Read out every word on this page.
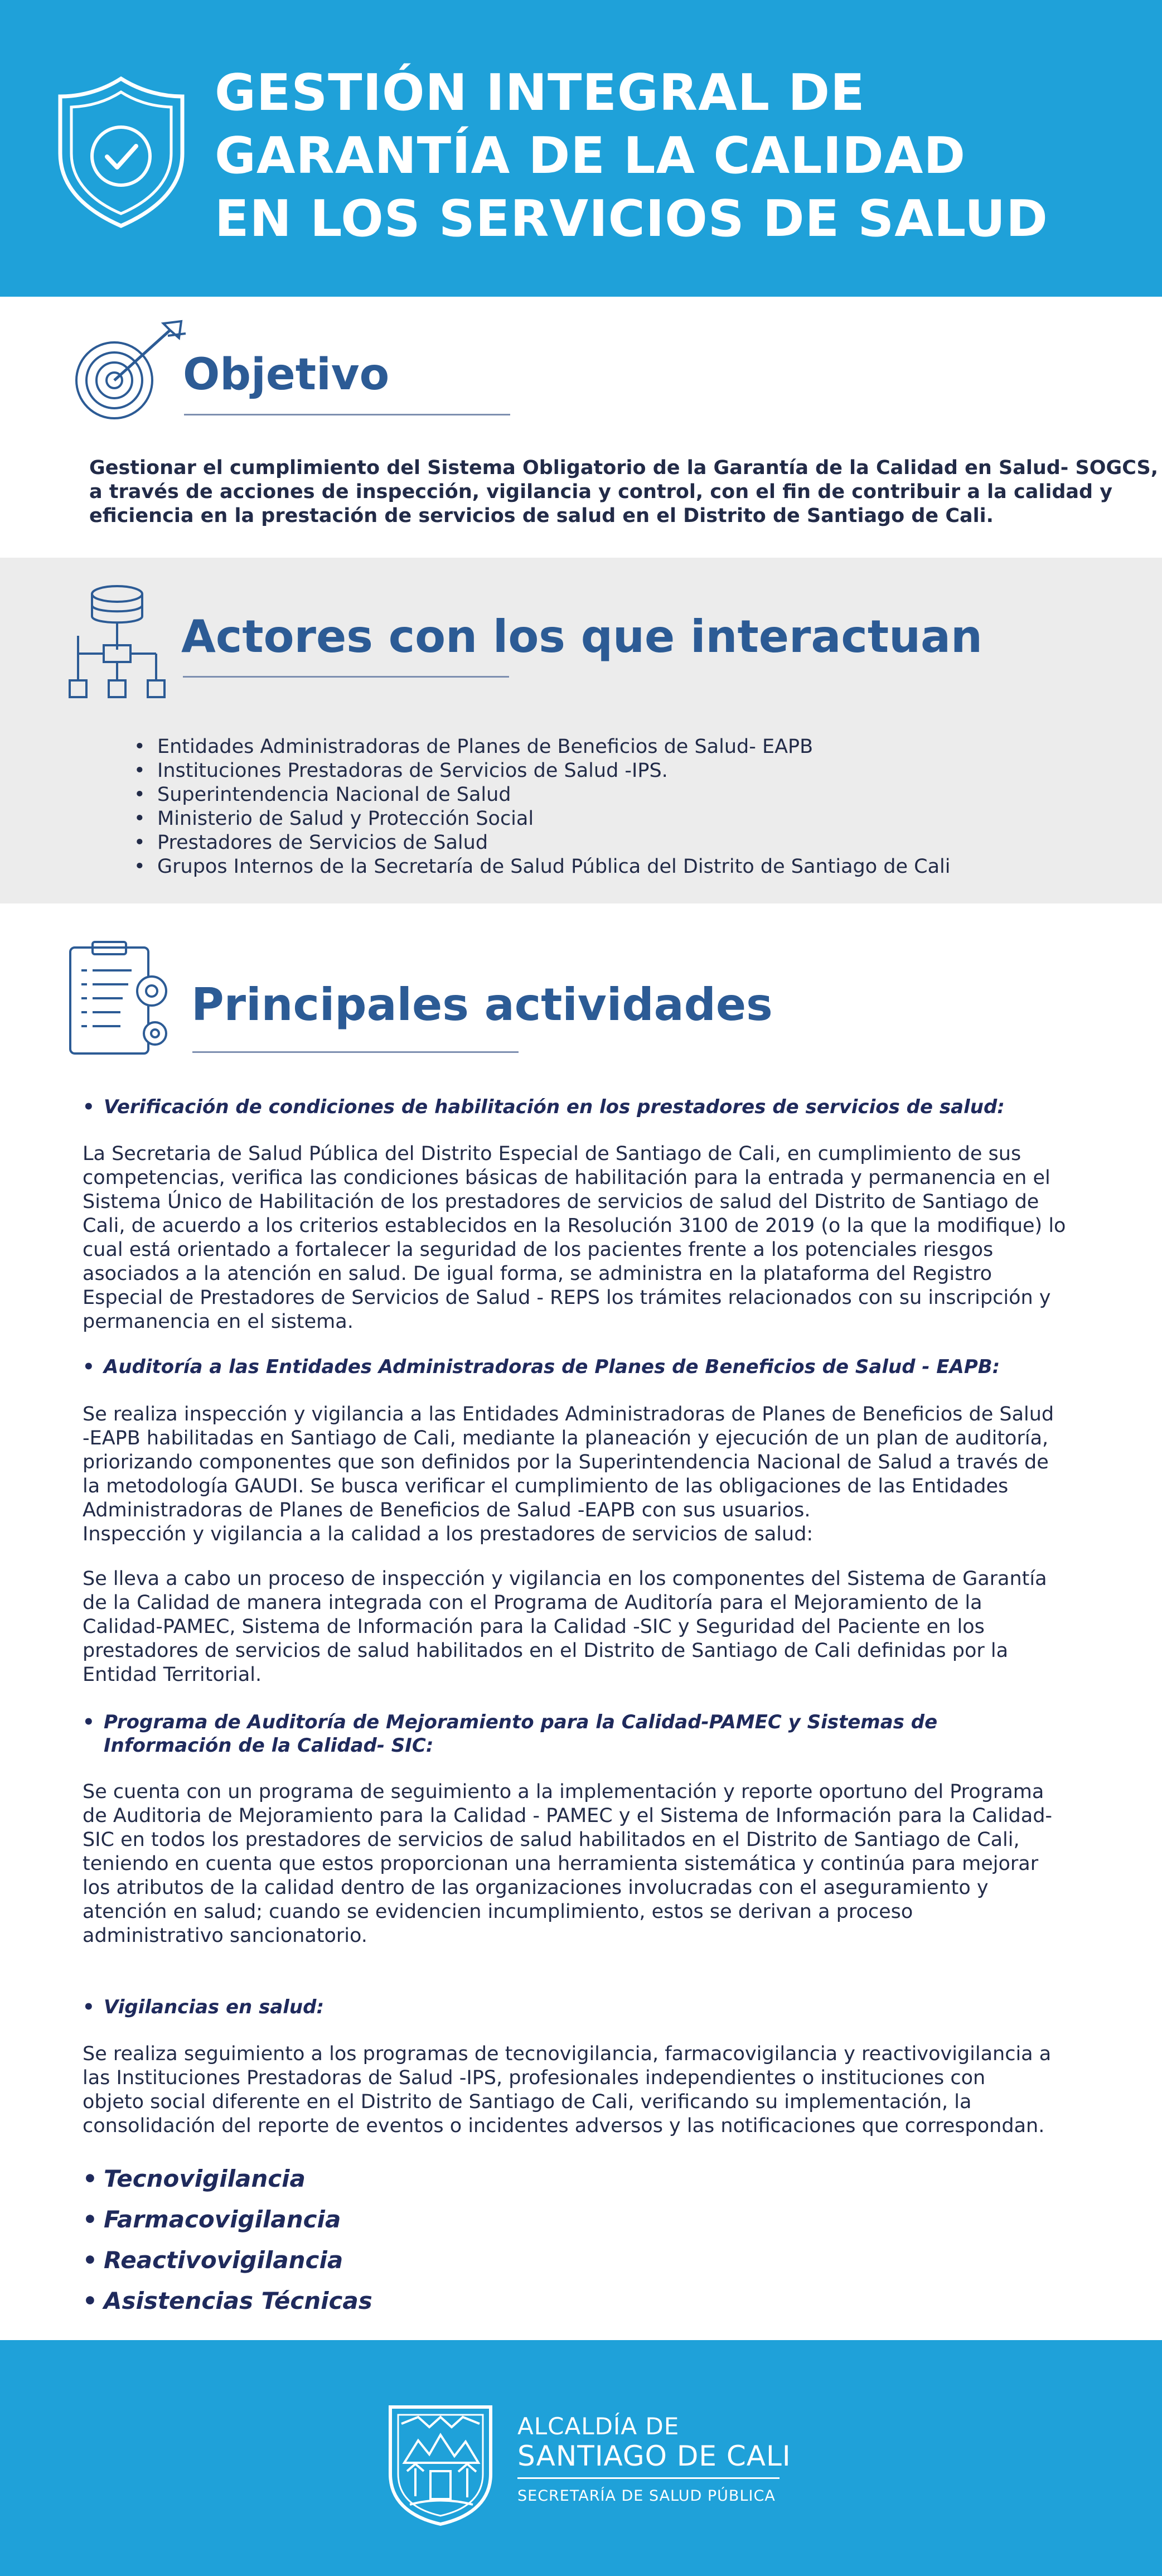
GESTIÓN INTEGRAL DE
GARANTÍA DE LA CALIDAD
EN LOS SERVICIOS DE SALUD
Objetivo
Gestionar el cumplimiento del Sistema Obligatorio de la Garantía de la Calidad en Salud- SOGCS,
a través de acciones de inspección, vigilancia y control, con el fin de contribuir a la calidad y
eficiencia en la prestación de servicios de salud en el Distrito de Santiago de Cali.
Actores con los que interactuan
• Entidades Administradoras de Planes de Beneficios de Salud- EAPB
• Instituciones Prestadoras de Servicios de Salud -IPS.
• Superintendencia Nacional de Salud
• Ministerio de Salud y Protección Social
• Prestadores de Servicios de Salud
• Grupos Internos de la Secretaría de Salud Pública del Distrito de Santiago de Cali
Principales actividades
• Verificación de condiciones de habilitación en los prestadores de servicios de salud:
La Secretaria de Salud Pública del Distrito Especial de Santiago de Cali, en cumplimiento de sus
competencias, verifica las condiciones básicas de habilitación para la entrada y permanencia en el
Sistema Único de Habilitación de los prestadores de servicios de salud del Distrito de Santiago de
Cali, de acuerdo a los criterios establecidos en la Resolución 3100 de 2019 (o la que la modifique) lo
cual está orientado a fortalecer la seguridad de los pacientes frente a los potenciales riesgos
asociados a la atención en salud. De igual forma, se administra en la plataforma del Registro
Especial de Prestadores de Servicios de Salud - REPS los trámites relacionados con su inscripción y
permanencia en el sistema.
• Auditoría a las Entidades Administradoras de Planes de Beneficios de Salud - EAPB:
Se realiza inspección y vigilancia a las Entidades Administradoras de Planes de Beneficios de Salud
-EAPB habilitadas en Santiago de Cali, mediante la planeación y ejecución de un plan de auditoría,
priorizando componentes que son definidos por la Superintendencia Nacional de Salud a través de
la metodología GAUDI. Se busca verificar el cumplimiento de las obligaciones de las Entidades
Administradoras de Planes de Beneficios de Salud -EAPB con sus usuarios.
Inspección y vigilancia a la calidad a los prestadores de servicios de salud:
Se lleva a cabo un proceso de inspección y vigilancia en los componentes del Sistema de Garantía
de la Calidad de manera integrada con el Programa de Auditoría para el Mejoramiento de la
Calidad-PAMEC, Sistema de Información para la Calidad -SIC y Seguridad del Paciente en los
prestadores de servicios de salud habilitados en el Distrito de Santiago de Cali definidas por la
Entidad Territorial.
• Programa de Auditoría de Mejoramiento para la Calidad-PAMEC y Sistemas de
Información de la Calidad- SIC:
Se cuenta con un programa de seguimiento a la implementación y reporte oportuno del Programa
de Auditoria de Mejoramiento para la Calidad - PAMEC y el Sistema de Información para la Calidad-
SIC en todos los prestadores de servicios de salud habilitados en el Distrito de Santiago de Cali,
teniendo en cuenta que estos proporcionan una herramienta sistemática y continúa para mejorar
los atributos de la calidad dentro de las organizaciones involucradas con el aseguramiento y
atención en salud; cuando se evidencien incumplimiento, estos se derivan a proceso
administrativo sancionatorio.
• Vigilancias en salud:
Se realiza seguimiento a los programas de tecnovigilancia, farmacovigilancia y reactivovigilancia a
las Instituciones Prestadoras de Salud -IPS, profesionales independientes o instituciones con
objeto social diferente en el Distrito de Santiago de Cali, verificando su implementación, la
consolidación del reporte de eventos o incidentes adversos y las notificaciones que correspondan.
• Tecnovigilancia
• Farmacovigilancia
• Reactivovigilancia
• Asistencias Técnicas
ALCALDÍA DE
SANTIAGO DE CALI
SECRETARÍA DE SALUD PÚBLICA
